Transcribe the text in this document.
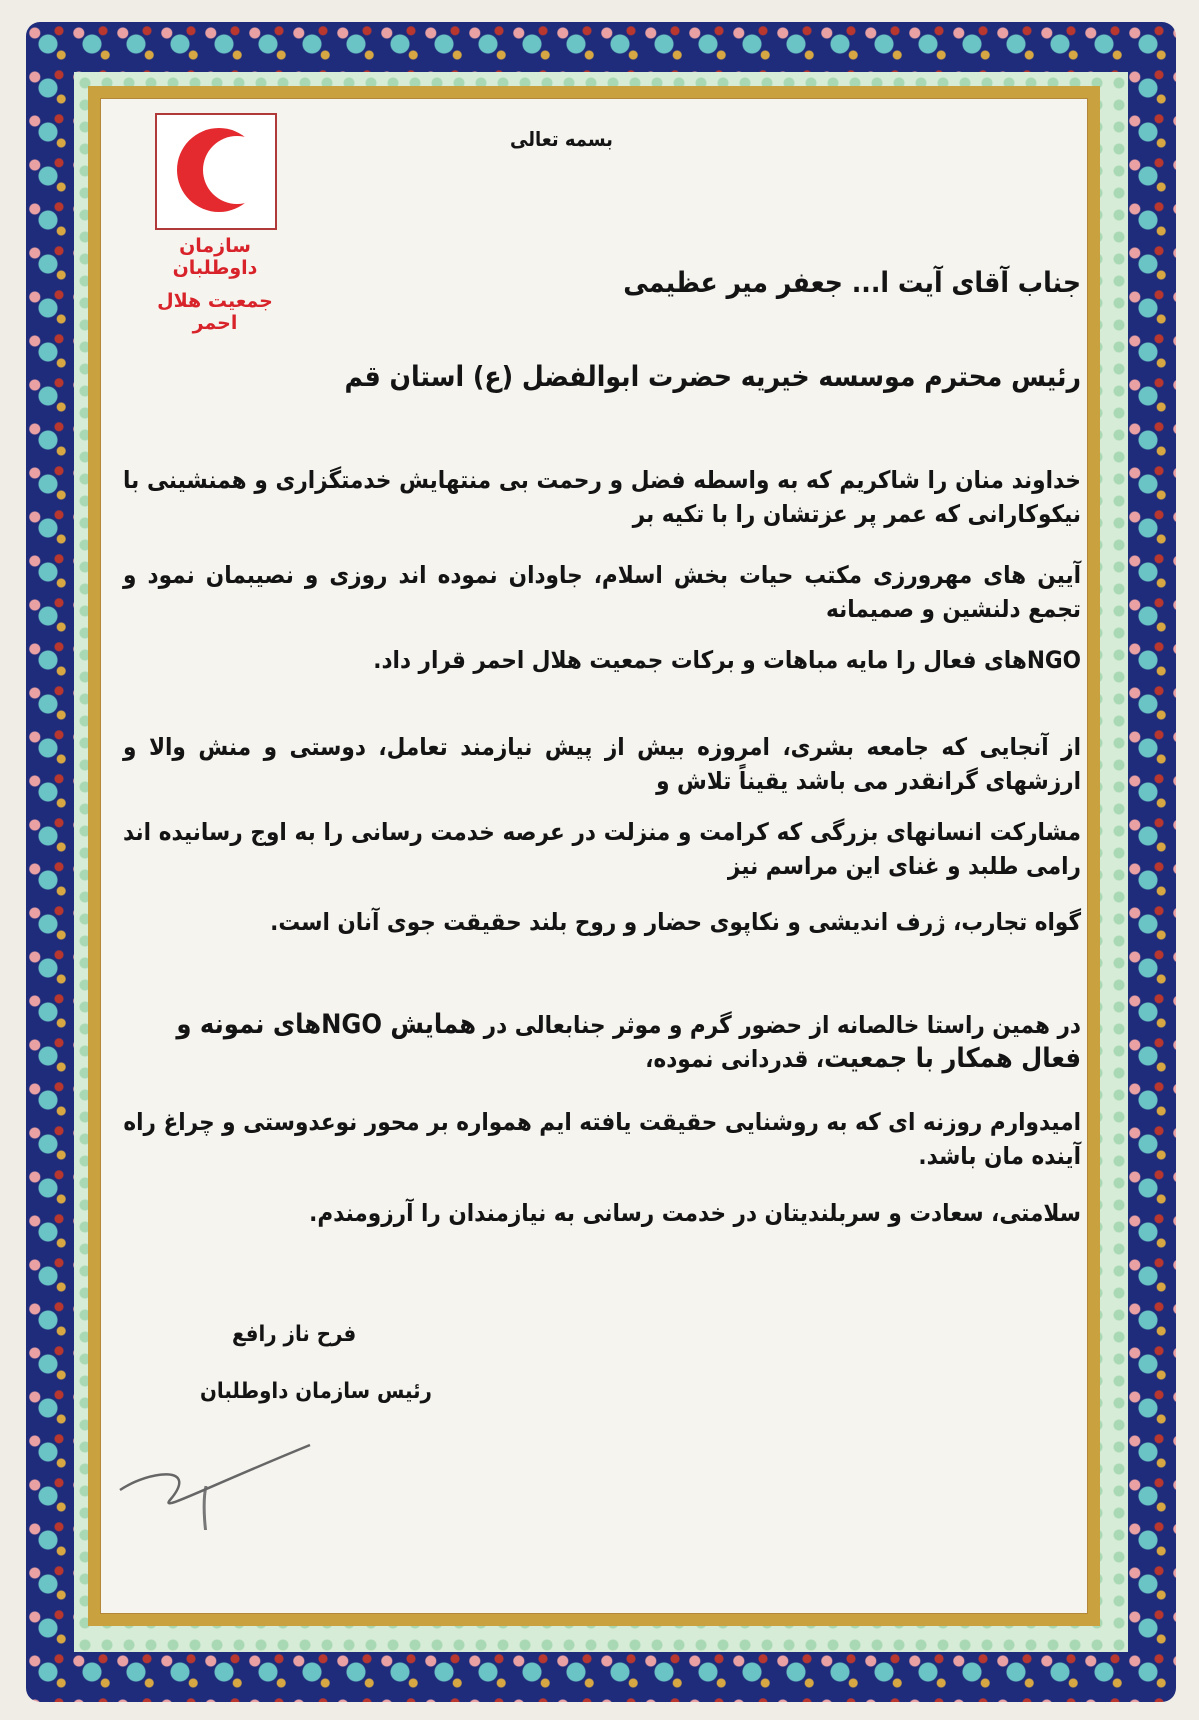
سازمان داوطلبان
جمعیت هلال احمر
بسمه تعالی
جناب آقای آیت ا... جعفر میر عظیمی
رئیس محترم موسسه خیریه حضرت ابوالفضل (ع) استان قم
خداوند منان را شاکریم که به واسطه فضل و رحمت بی منتهایش خدمتگزاری و همنشینی با نیکوکارانی که عمر پر عزتشان را با تکیه بر
آیین های مهرورزی مکتب حیات بخش اسلام، جاودان نموده اند روزی و نصیبمان نمود و تجمع دلنشین و صمیمانه
NGOهای فعال را مایه مباهات و برکات جمعیت هلال احمر قرار داد.
از آنجایی که جامعه بشری، امروزه بیش از پیش نیازمند تعامل، دوستی و منش والا و ارزشهای گرانقدر می باشد یقیناً تلاش و
مشارکت انسانهای بزرگی که کرامت و منزلت در عرصه خدمت رسانی را به اوج رسانیده اند رامی طلبد و غنای این مراسم نیز
گواه تجارب، ژرف اندیشی و نکاپوی حضار و روح بلند حقیقت جوی آنان است.
در همین راستا خالصانه از حضور گرم و موثر جنابعالی در همایش NGOهای نمونه و فعال همکار با جمعیت، قدردانی نموده،
امیدوارم روزنه ای که به روشنایی حقیقت یافته ایم همواره بر محور نوعدوستی و چراغ راه آینده مان باشد.
سلامتی، سعادت و سربلندیتان در خدمت رسانی به نیازمندان را آرزومندم.
فرح ناز رافع
رئیس سازمان داوطلبان
